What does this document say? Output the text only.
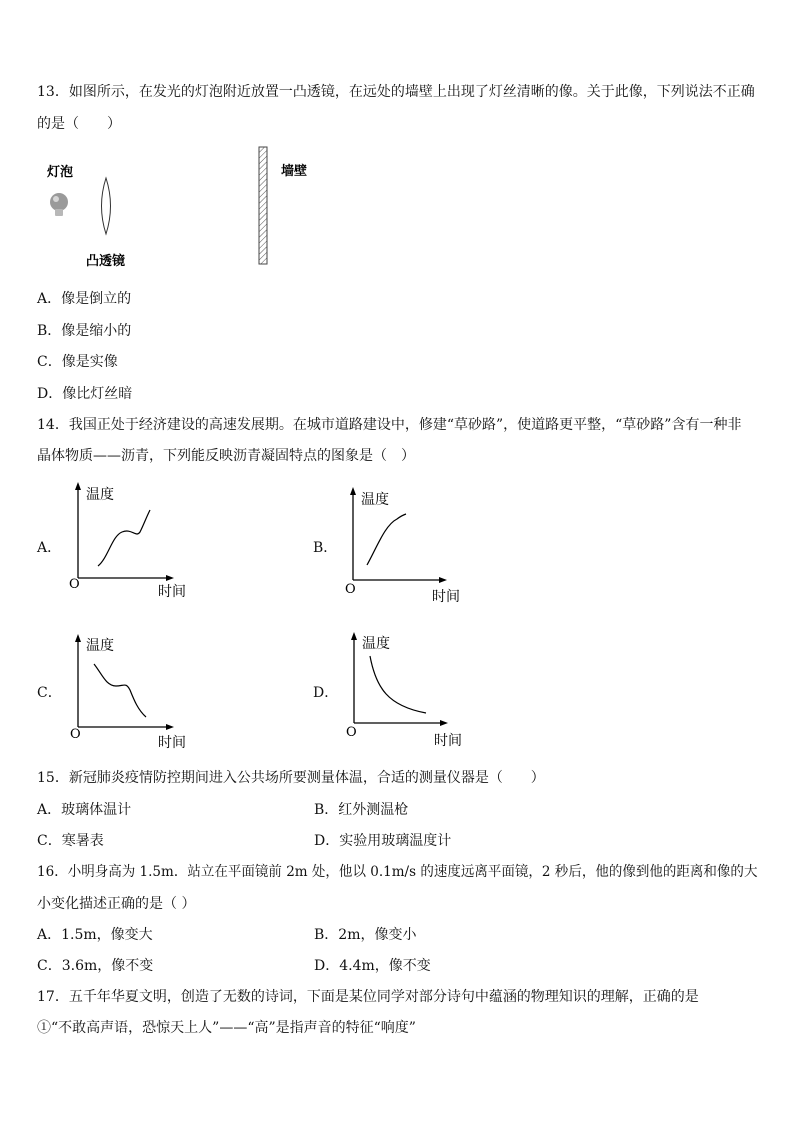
13．如图所示，在发光的灯泡附近放置一凸透镜，在远处的墙壁上出现了灯丝清晰的像。关于此像，下列说法不正确
的是（　　）
灯泡
凸透镜
墙壁
A．像是倒立的
B．像是缩小的
C．像是实像
D．像比灯丝暗
14．我国正处于经济建设的高速发展期。在城市道路建设中，修建“草砂路”，使道路更平整，“草砂路”含有一种非
晶体物质——沥青，下列能反映沥青凝固特点的图象是（　）
A．
温度
时间
O
B．
温度
时间
O
C．
温度
时间
O
D．
温度
时间
O
15．新冠肺炎疫情防控期间进入公共场所要测量体温，合适的测量仪器是（　　）
A．玻璃体温计	B．红外测温枪
C．寒暑表	D．实验用玻璃温度计
16．小明身高为 1.5m．站立在平面镜前 2m 处，他以 0.1m/s 的速度远离平面镜，2 秒后，他的像到他的距离和像的大
小变化描述正确的是（ ）
A．1.5m，像变大	B．2m，像变小
C．3.6m，像不变	D．4.4m，像不变
17．五千年华夏文明，创造了无数的诗词，下面是某位同学对部分诗句中蕴涵的物理知识的理解，正确的是
①“不敢高声语，恐惊天上人”——“高”是指声音的特征“响度”
